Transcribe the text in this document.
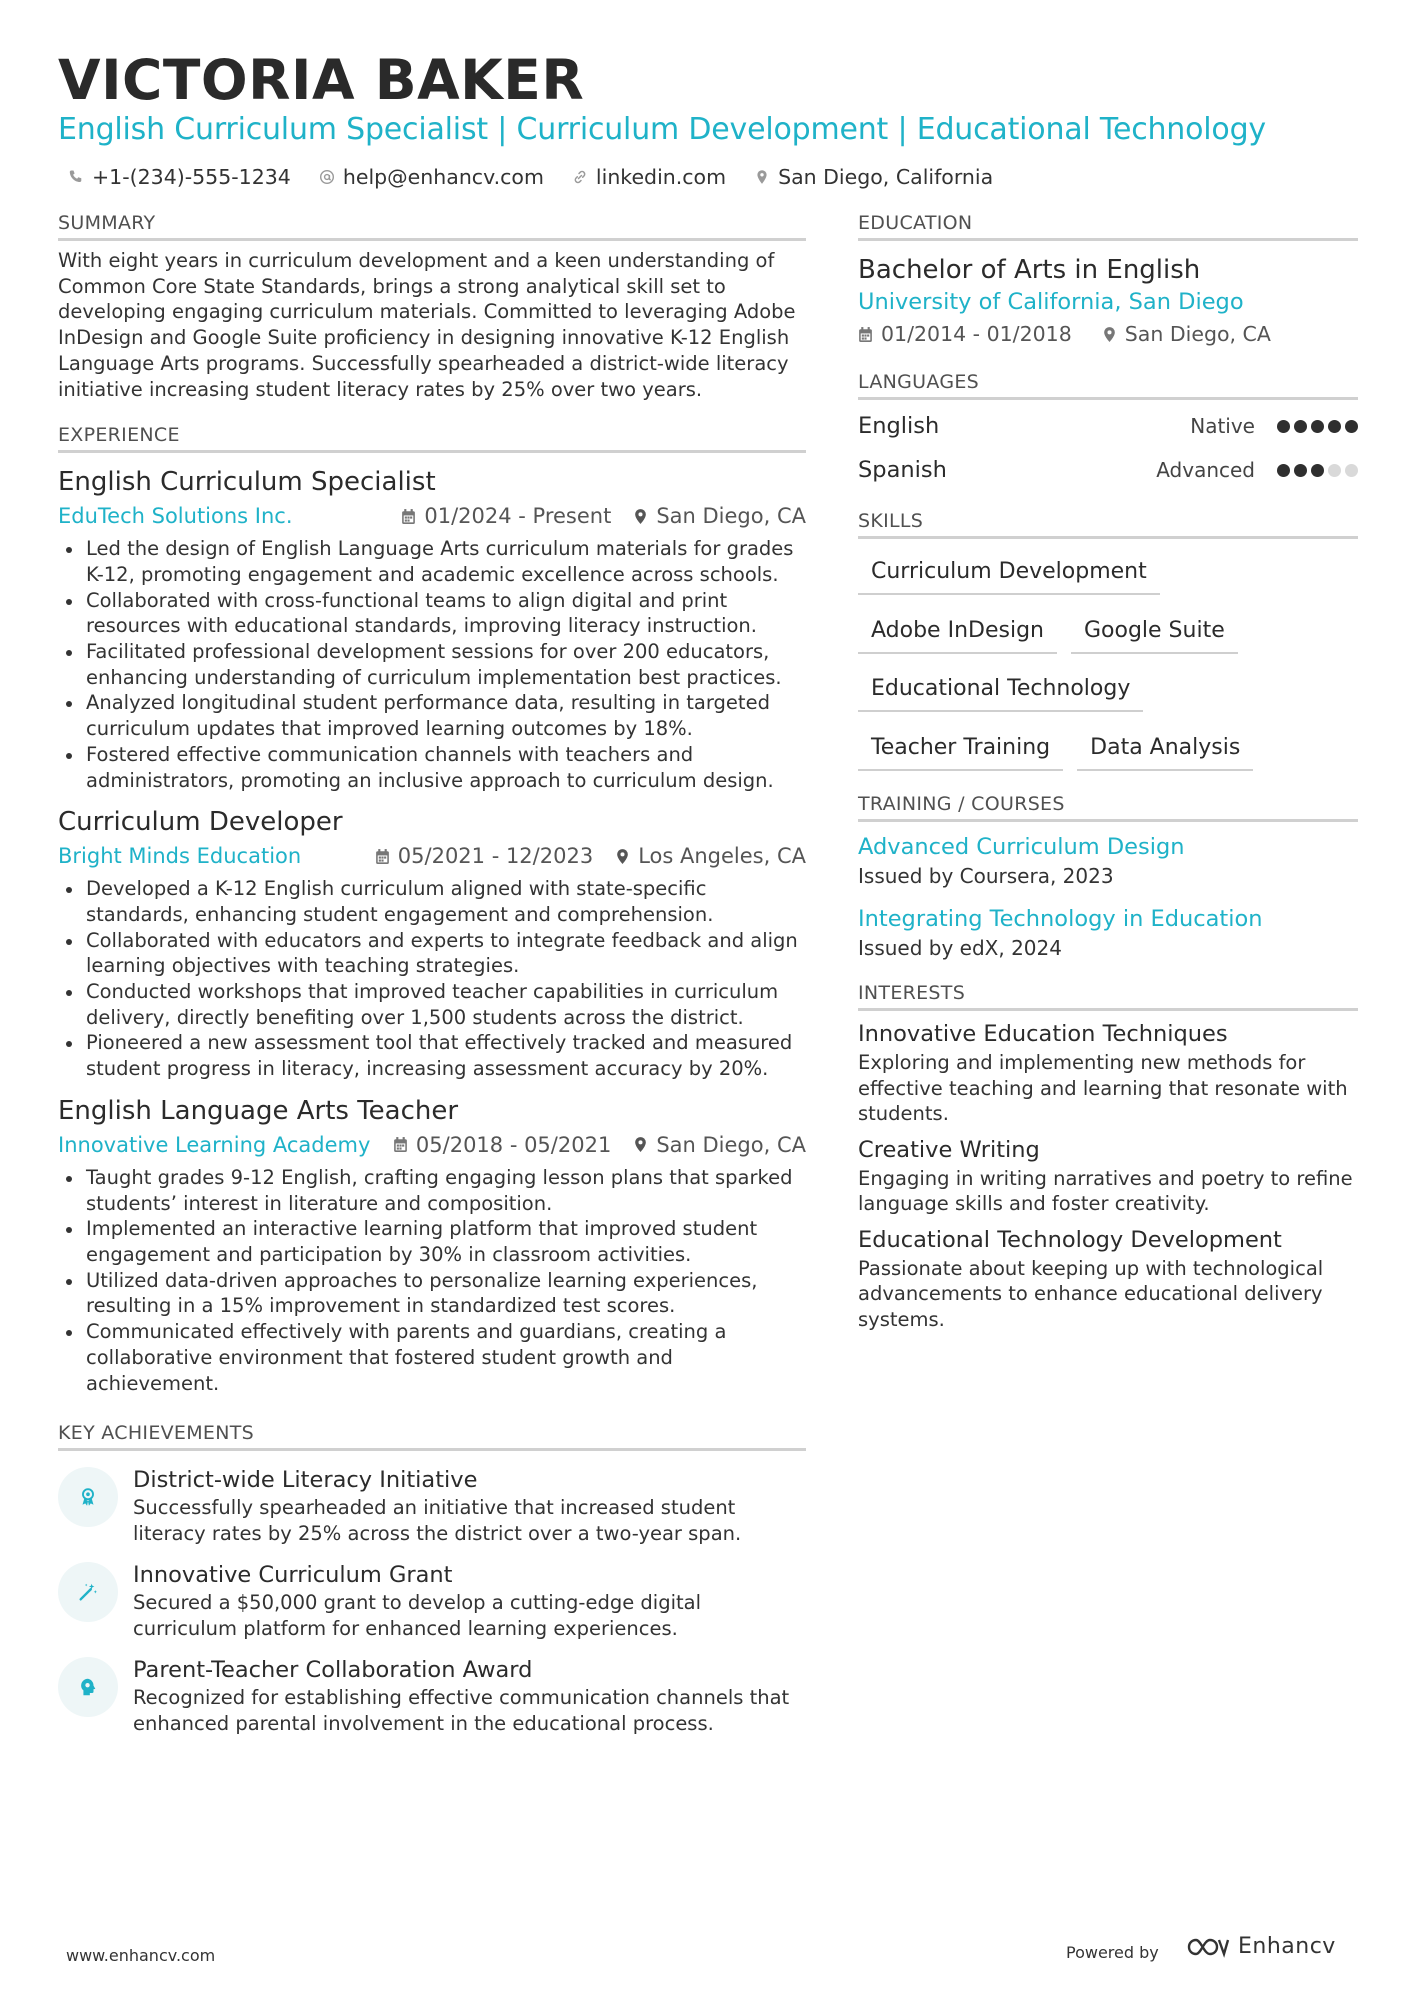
VICTORIA BAKER
English Curriculum Specialist | Curriculum Development | Educational Technology
+1-(234)-555-1234	help@enhancv.com	linkedin.com	San Diego, California
SUMMARY
With eight years in curriculum development and a keen understanding of Common Core State Standards, brings a strong analytical skill set to developing engaging curriculum materials. Committed to leveraging Adobe InDesign and Google Suite proficiency in designing innovative K-12 English Language Arts programs. Successfully spearheaded a district-wide literacy initiative increasing student literacy rates by 25% over two years.
EXPERIENCE
English Curriculum Specialist
EduTech Solutions Inc.	01/2024 - Present San Diego, CA
Led the design of English Language Arts curriculum materials for grades K-12, promoting engagement and academic excellence across schools.
Collaborated with cross-functional teams to align digital and print resources with educational standards, improving literacy instruction.
Facilitated professional development sessions for over 200 educators, enhancing understanding of curriculum implementation best practices.
Analyzed longitudinal student performance data, resulting in targeted curriculum updates that improved learning outcomes by 18%.
Fostered effective communication channels with teachers and administrators, promoting an inclusive approach to curriculum design.
Curriculum Developer
Bright Minds Education	05/2021 - 12/2023 Los Angeles, CA
Developed a K-12 English curriculum aligned with state-specific standards, enhancing student engagement and comprehension.
Collaborated with educators and experts to integrate feedback and align learning objectives with teaching strategies.
Conducted workshops that improved teacher capabilities in curriculum delivery, directly benefiting over 1,500 students across the district.
Pioneered a new assessment tool that effectively tracked and measured student progress in literacy, increasing assessment accuracy by 20%.
English Language Arts Teacher
Innovative Learning Academy 05/2018 - 05/2021 San Diego, CA
Taught grades 9-12 English, crafting engaging lesson plans that sparked students’ interest in literature and composition.
Implemented an interactive learning platform that improved student engagement and participation by 30% in classroom activities.
Utilized data-driven approaches to personalize learning experiences, resulting in a 15% improvement in standardized test scores.
Communicated effectively with parents and guardians, creating a collaborative environment that fostered student growth and achievement.
KEY ACHIEVEMENTS
District-wide Literacy Initiative
Successfully spearheaded an initiative that increased student literacy rates by 25% across the district over a two-year span.
Innovative Curriculum Grant
Secured a $50,000 grant to develop a cutting-edge digital curriculum platform for enhanced learning experiences.
Parent-Teacher Collaboration Award
Recognized for establishing effective communication channels that enhanced parental involvement in the educational process.
EDUCATION
Bachelor of Arts in English
University of California, San Diego
01/2014 - 01/2018	San Diego, CA
LANGUAGES
English	Native
Spanish	Advanced
SKILLS
Curriculum Development
Adobe InDesign	Google Suite
Educational Technology
Teacher Training	Data Analysis
TRAINING / COURSES
Advanced Curriculum Design
Issued by Coursera, 2023
Integrating Technology in Education
Issued by edX, 2024
INTERESTS
Innovative Education Techniques
Exploring and implementing new methods for effective teaching and learning that resonate with students.
Creative Writing
Engaging in writing narratives and poetry to refine language skills and foster creativity.
Educational Technology Development
Passionate about keeping up with technological advancements to enhance educational delivery systems.
www.enhancv.com	Powered by	Enhancv
